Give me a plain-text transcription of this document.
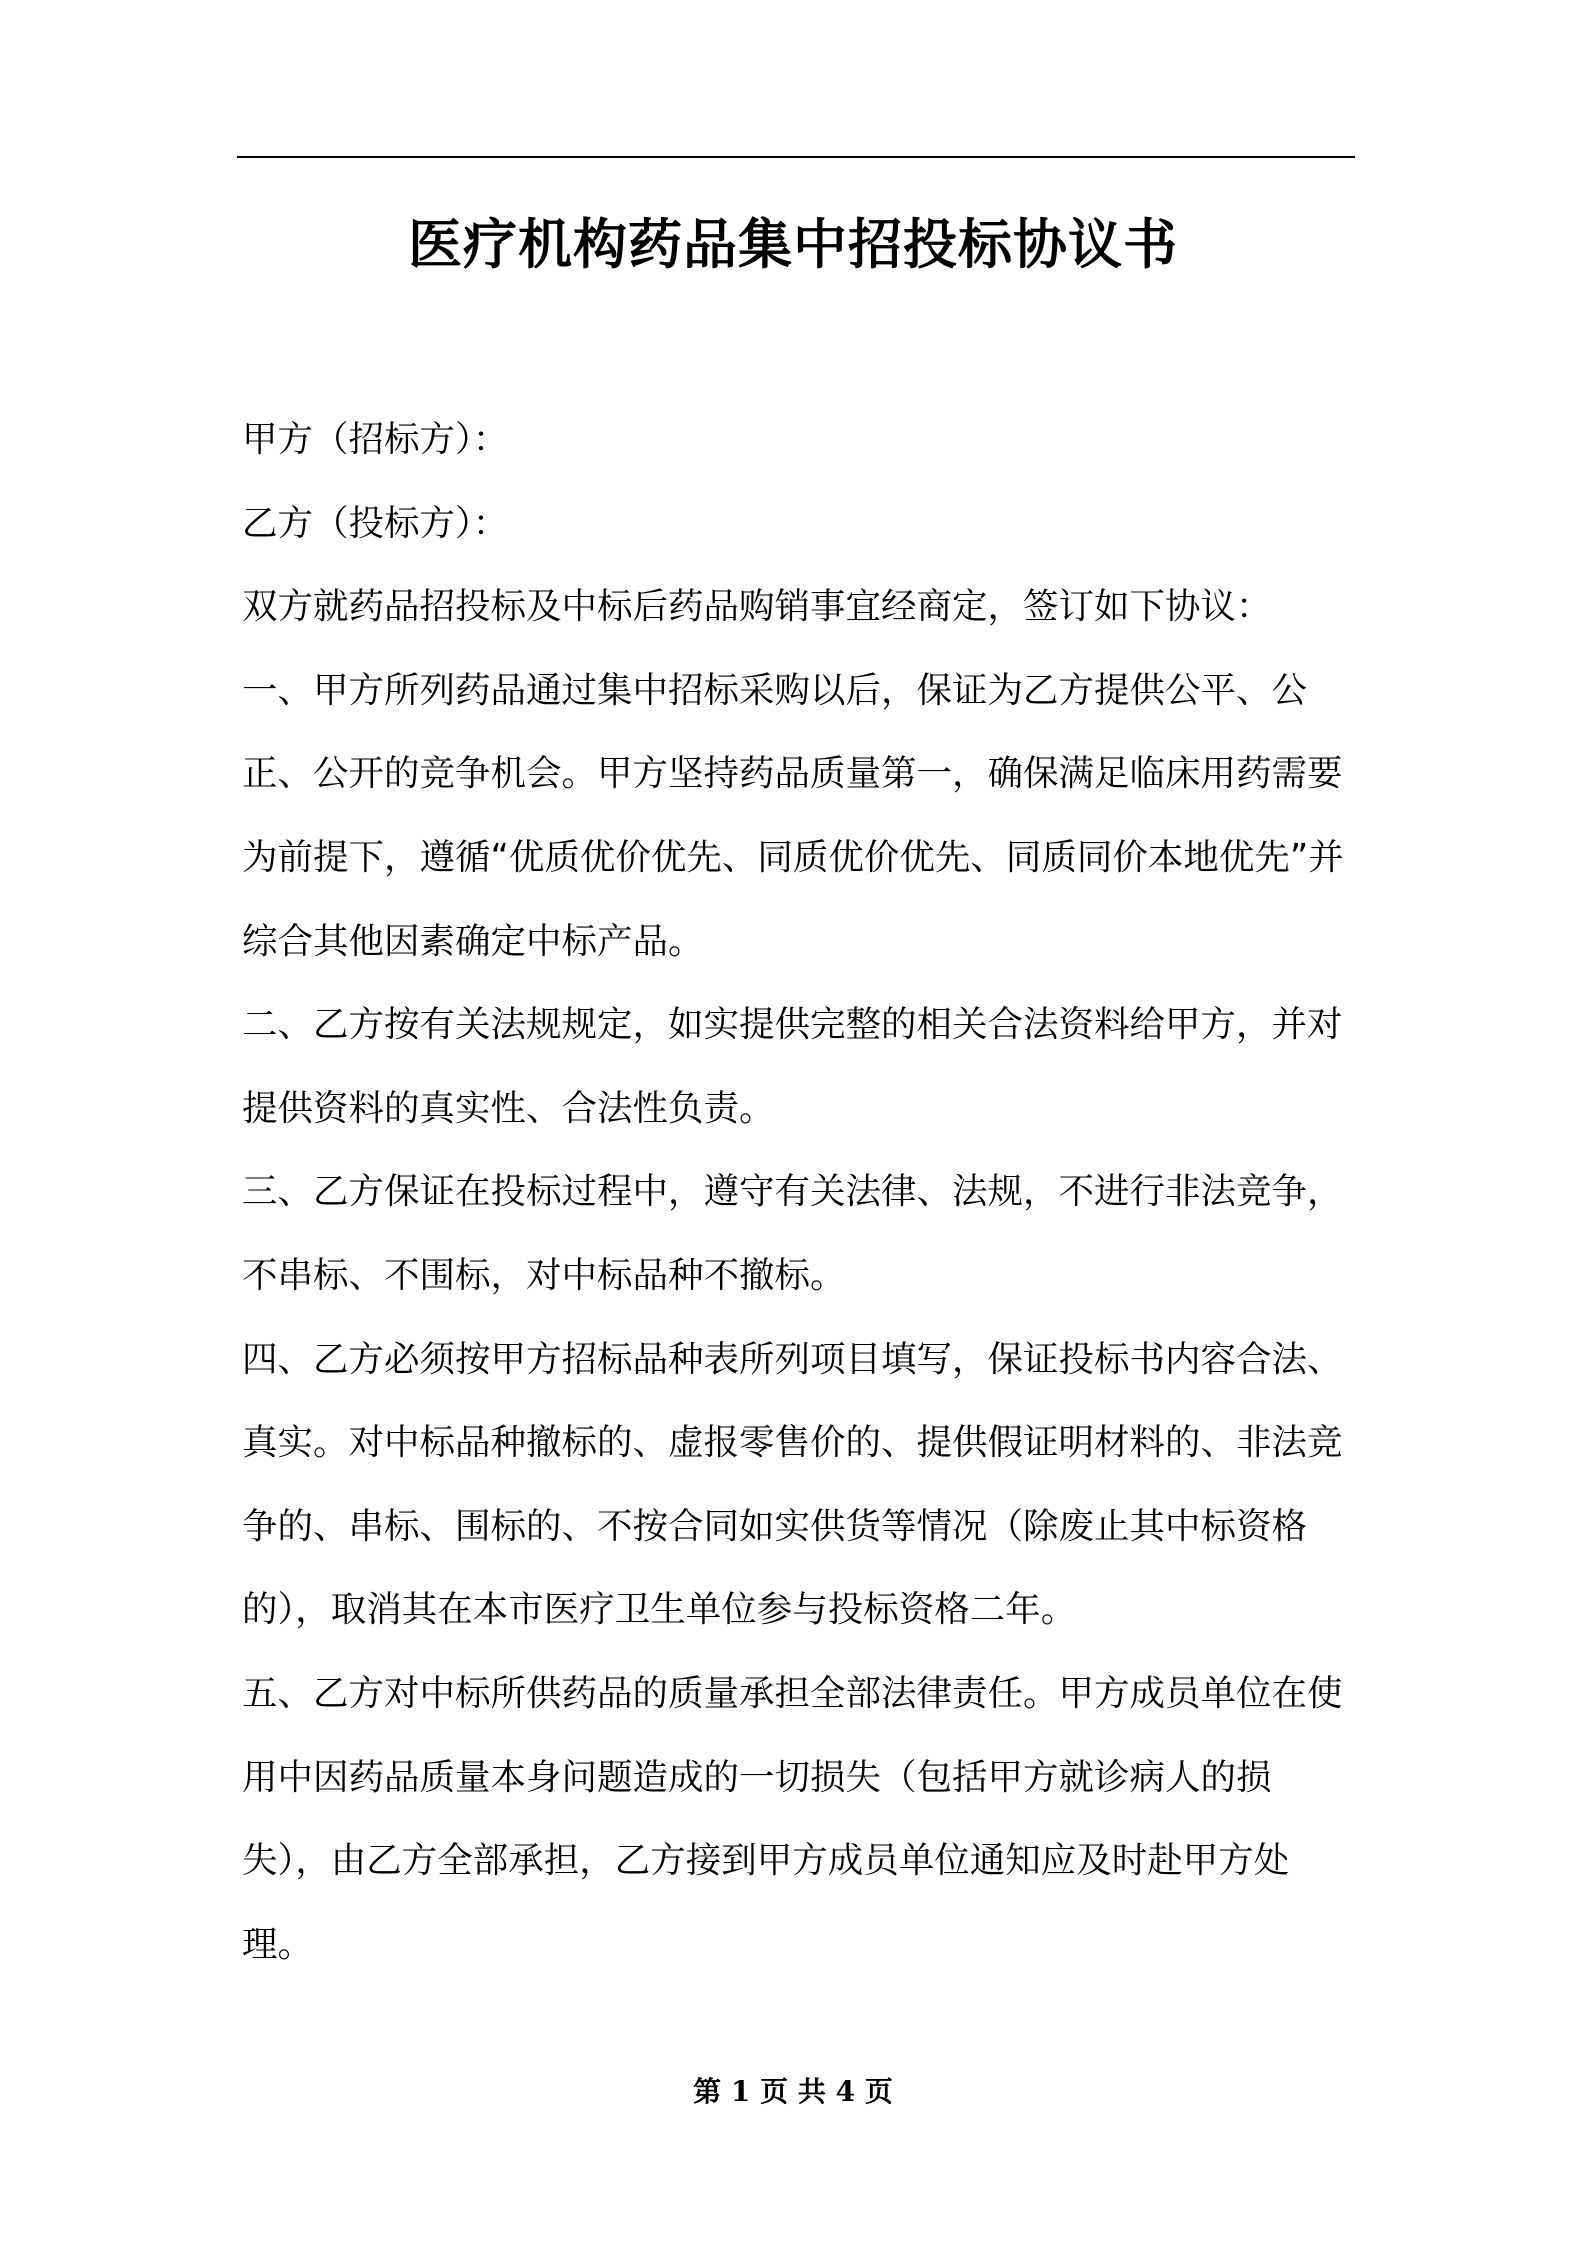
医疗机构药品集中招投标协议书

甲方（招标方）：

乙方（投标方）：

双方就药品招投标及中标后药品购销事宜经商定，签订如下协议：

一、甲方所列药品通过集中招标采购以后，保证为乙方提供公平、公正、公开的竞争机会。甲方坚持药品质量第一，确保满足临床用药需要为前提下，遵循“优质优价优先、同质优价优先、同质同价本地优先”并综合其他因素确定中标产品。

二、乙方按有关法规规定，如实提供完整的相关合法资料给甲方，并对提供资料的真实性、合法性负责。

三、乙方保证在投标过程中，遵守有关法律、法规，不进行非法竞争，不串标、不围标，对中标品种不撤标。

四、乙方必须按甲方招标品种表所列项目填写，保证投标书内容合法、真实。对中标品种撤标的、虚报零售价的、提供假证明材料的、非法竞争的、串标、围标的、不按合同如实供货等情况（除废止其中标资格的），取消其在本市医疗卫生单位参与投标资格二年。

五、乙方对中标所供药品的质量承担全部法律责任。甲方成员单位在使用中因药品质量本身问题造成的一切损失（包括甲方就诊病人的损失），由乙方全部承担，乙方接到甲方成员单位通知应及时赴甲方处理。

第 1 页 共 4 页
